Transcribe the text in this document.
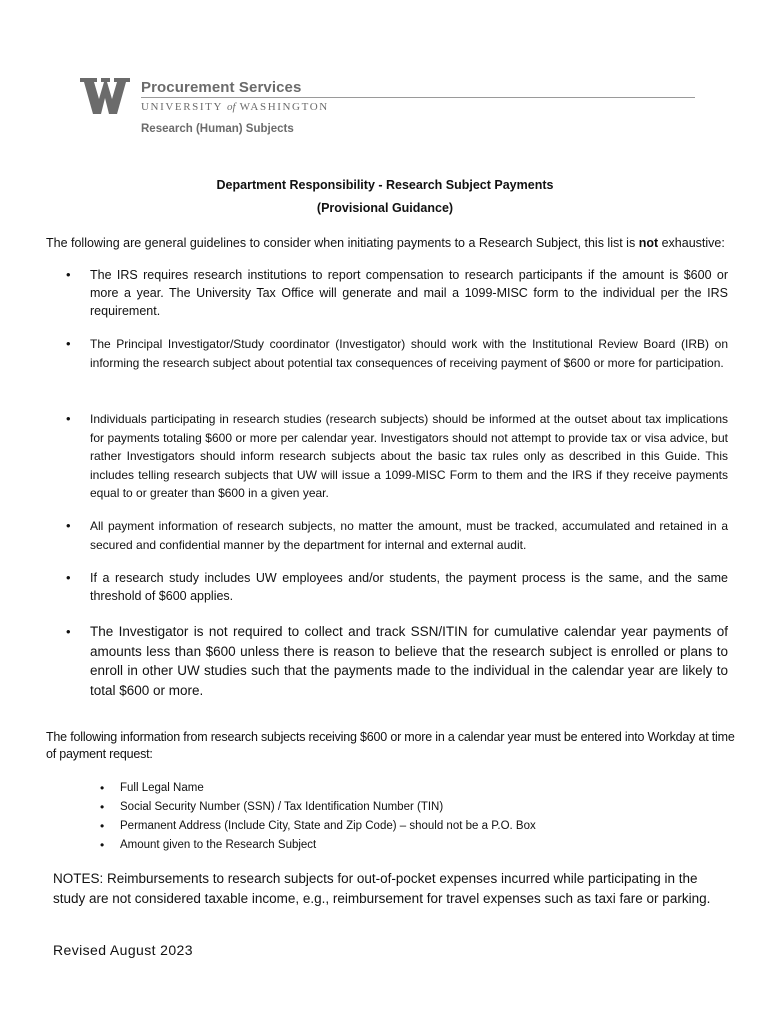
Procurement Services
UNIVERSITY of WASHINGTON
Research (Human) Subjects
Department Responsibility - Research Subject Payments
(Provisional Guidance)
The following are general guidelines to consider when initiating payments to a Research Subject, this list is not exhaustive:
• The IRS requires research institutions to report compensation to research participants if the amount is $600 or more a year. The University Tax Office will generate and mail a 1099-MISC form to the individual per the IRS requirement.
• The Principal Investigator/Study coordinator (Investigator) should work with the Institutional Review Board (IRB) on informing the research subject about potential tax consequences of receiving payment of $600 or more for participation.
• Individuals participating in research studies (research subjects) should be informed at the outset about tax implications for payments totaling $600 or more per calendar year. Investigators should not attempt to provide tax or visa advice, but rather Investigators should inform research subjects about the basic tax rules only as described in this Guide. This includes telling research subjects that UW will issue a 1099-MISC Form to them and the IRS if they receive payments equal to or greater than $600 in a given year.
• All payment information of research subjects, no matter the amount, must be tracked, accumulated and retained in a secured and confidential manner by the department for internal and external audit.
• If a research study includes UW employees and/or students, the payment process is the same, and the same threshold of $600 applies.
• The Investigator is not required to collect and track SSN/ITIN for cumulative calendar year payments of amounts less than $600 unless there is reason to believe that the research subject is enrolled or plans to enroll in other UW studies such that the payments made to the individual in the calendar year are likely to total $600 or more.
The following information from research subjects receiving $600 or more in a calendar year must be entered into Workday at time of payment request:
• Full Legal Name
• Social Security Number (SSN) / Tax Identification Number (TIN)
• Permanent Address (Include City, State and Zip Code) – should not be a P.O. Box
• Amount given to the Research Subject
NOTES: Reimbursements to research subjects for out-of-pocket expenses incurred while participating in the study are not considered taxable income, e.g., reimbursement for travel expenses such as taxi fare or parking.
Revised August 2023
